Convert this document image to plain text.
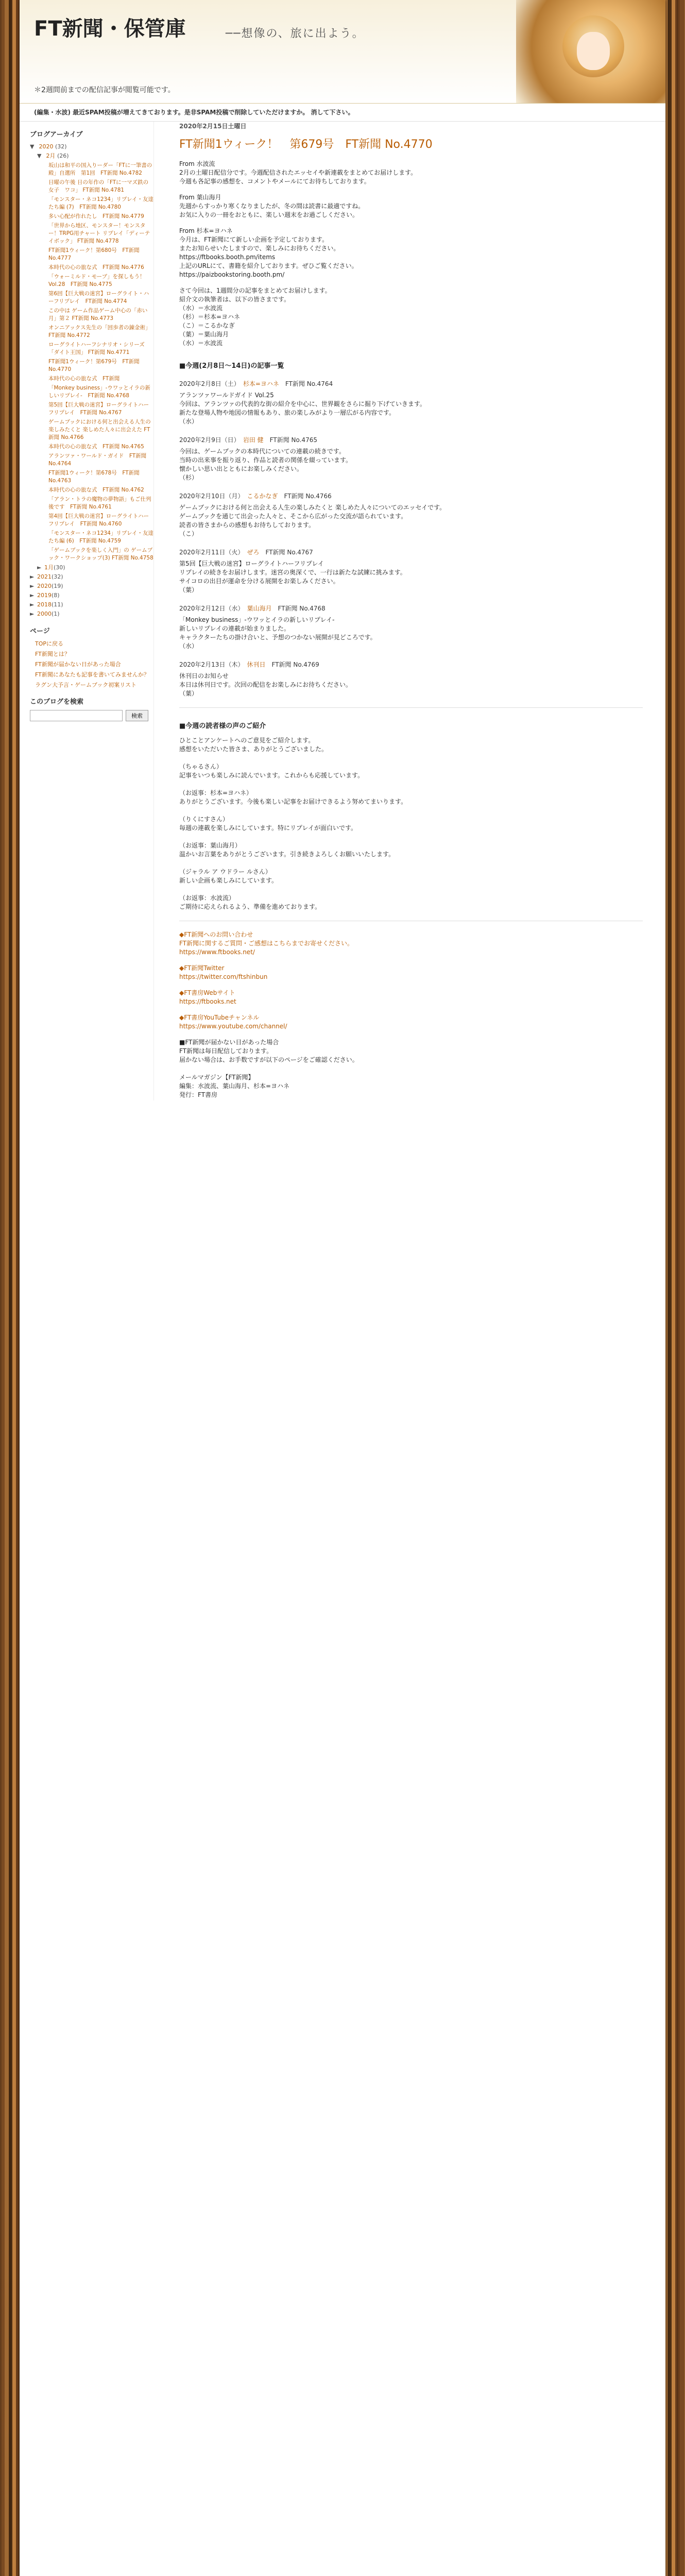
FT新聞・保管庫	──想像の、旅に出よう。
＊2週間前までの配信記事が閲覧可能です。
(編集・水波) 最近SPAM投稿が増えてきております。是非SPAM投稿で削除していただけますか。 消して下さい。
ブログアーカイブ
▼ 2020 (32)
▼ 2月 (26)
坂山は和平の国入りーダー「FTに一筆書の殿」自選所　第1回　FT新聞 No.4782
日曜の午後 日の年作の「FTに一マズ鉄の女子　ワコ」 FT新聞 No.4781
「モンスター・ネコ1234」リプレイ・友達たち編 (7)　FT新聞 No.4780
多い心配が作れたし　FT新聞 No.4779
「世界から地区、モンスター！モンスター！TRPG用チャート リプレイ「ディーテイボック」 FT新聞 No.4778
FT新聞1ウィーク！第680号　FT新聞 No.4777
本時代の心の旅な式　FT新聞 No.4776
「ウォーミルド・モーブ」を探しもう！　Vol.28　FT新聞 No.4775
第6回【巨大戦の迷宮】ローグライト・ハーフリプレイ　FT新聞 No.4774
この中は ゲーム作品ゲーム中心の「赤い月」第２ FT新聞 No.4773
オンニアックス先生の「回歩者の錬金術」 FT新聞 No.4772
ローグライトハーフシナリオ・シリーズ「ダイト王国」 FT新聞 No.4771
FT新聞1ウィーク！第679号　FT新聞 No.4770
本時代の心の旅な式　FT新聞
「Monkey business」-ウワッとイラの新しいリプレイ-　FT新聞 No.4768
第5回【巨大戦の迷宮】ローグライトハーフリプレイ　FT新聞 No.4767
ゲームブックにおける何と出会える人生の楽しみたくと 楽しめた人々に出会えた FT新聞 No.4766
本時代の心の旅な式　FT新聞 No.4765
アランツァ・ワールド・ガイド　FT新聞 No.4764
FT新聞1ウィーク！第678号　FT新聞 No.4763
本時代の心の旅な式　FT新聞 No.4762
「アラン・トラの魔物の夢物語」もご仕列後です　FT新聞 No.4761
第4回【巨大戦の迷宮】ローグライトハーフリプレイ　FT新聞 No.4760
「モンスター・ネコ1234」リプレイ・友達たち編 (6)　FT新聞 No.4759
「ゲームブックを楽しく入門」の ゲームブック・ワークショップ(3) FT新聞 No.4758
► 1月(30)
► 2021(32)
► 2020(19)
► 2019(8)
► 2018(11)
► 2000(1)
ページ
TOPに戻る
FT新聞とは？
FT新聞が届かない日があった場合
FT新聞にあなたも記事を書いてみませんか？
ラグン大予言・ゲームブック初案リスト
このブログを検索
検索
2020年2月15日土曜日
FT新聞1ウィーク！　第679号　FT新聞 No.4770
From 水波流
2月の土曜日配信分です。今週配信されたエッセイや新連載をまとめてお届けします。
今週も各記事の感想を、コメントやメールにてお待ちしております。
From 葉山海月
先週からすっかり寒くなりましたが、冬の間は読書に最適ですね。
お気に入りの一冊をおともに、楽しい週末をお過ごしください。
From 杉本=ヨハネ
今月は、FT新聞にて新しい企画を予定しております。
またお知らせいたしますので、楽しみにお待ちください。
https://ftbooks.booth.pm/items
上記のURLにて、書籍を紹介しております。ぜひご覧ください。
https://paizbookstoring.booth.pm/
さて今回は、1週間分の記事をまとめてお届けします。
紹介文の執筆者は、以下の皆さまです。
（水）＝水波流
（杉）＝杉本=ヨハネ
（こ）＝こるかなぎ
（葉）＝葉山海月
（水）＝水波流
■今週(2月8日～14日)の記事一覧
2020年2月8日（土）　 杉本=ヨハネ　 FT新聞 No.4764
アランツァワールドガイド Vol.25
今回は、アランツァの代表的な街の紹介を中心に、世界観をさらに掘り下げていきます。
新たな登場人物や地図の情報もあり、旅の楽しみがより一層広がる内容です。
（水）
2020年2月9日（日）　 岩田 健　 FT新聞 No.4765
今回は、ゲームブックの本時代についての連載の続きです。
当時の出来事を振り返り、作品と読者の関係を綴っています。
懐かしい思い出とともにお楽しみください。
（杉）
2020年2月10日（月）　 こるかなぎ　 FT新聞 No.4766
ゲームブックにおける何と出会える人生の楽しみたくと 楽しめた人々についてのエッセイです。
ゲームブックを通じて出会った人々と、そこから広がった交流が語られています。
読者の皆さまからの感想もお待ちしております。
（こ）
2020年2月11日（火）　 ぜろ　 FT新聞 No.4767
第5回【巨大戦の迷宮】ローグライトハーフリプレイ
リプレイの続きをお届けします。迷宮の奥深くで、一行は新たな試練に挑みます。
サイコロの出目が運命を分ける展開をお楽しみください。
（葉）
2020年2月12日（水）　 葉山海月　 FT新聞 No.4768
「Monkey business」-ウワッとイラの新しいリプレイ-
新しいリプレイの連載が始まりました。
キャラクターたちの掛け合いと、予想のつかない展開が見どころです。
（水）
2020年2月13日（木）　 休刊日　 FT新聞 No.4769
休刊日のお知らせ
本日は休刊日です。次回の配信をお楽しみにお待ちください。
（葉）
■今週の読者様の声のご紹介
ひとことアンケートへのご意見をご紹介します。
感想をいただいた皆さま、ありがとうございました。

（ちゃるさん）
記事をいつも楽しみに読んでいます。これからも応援しています。

（お返事：杉本=ヨハネ）
ありがとうございます。今後も楽しい記事をお届けできるよう努めてまいります。

（りくにすさん）
毎週の連載を楽しみにしています。特にリプレイが面白いです。

（お返事：葉山海月）
温かいお言葉をありがとうございます。引き続きよろしくお願いいたします。

（ジャラル ア ウドラー ルさん）
新しい企画も楽しみにしています。

（お返事：水波流）
ご期待に応えられるよう、準備を進めております。
◆FT新聞へのお問い合わせ
FT新聞に関するご質問・ご感想はこちらまでお寄せください。
https://www.ftbooks.net/
◆FT新聞Twitter
https://twitter.com/ftshinbun
◆FT書房Webサイト
https://ftbooks.net
◆FT書房YouTubeチャンネル
https://www.youtube.com/channel/
■FT新聞が届かない日があった場合
FT新聞は毎日配信しております。
届かない場合は、お手数ですが以下のページをご確認ください。

メールマガジン【FT新聞】
編集：水波流、葉山海月、杉本=ヨハネ
発行：FT書房
